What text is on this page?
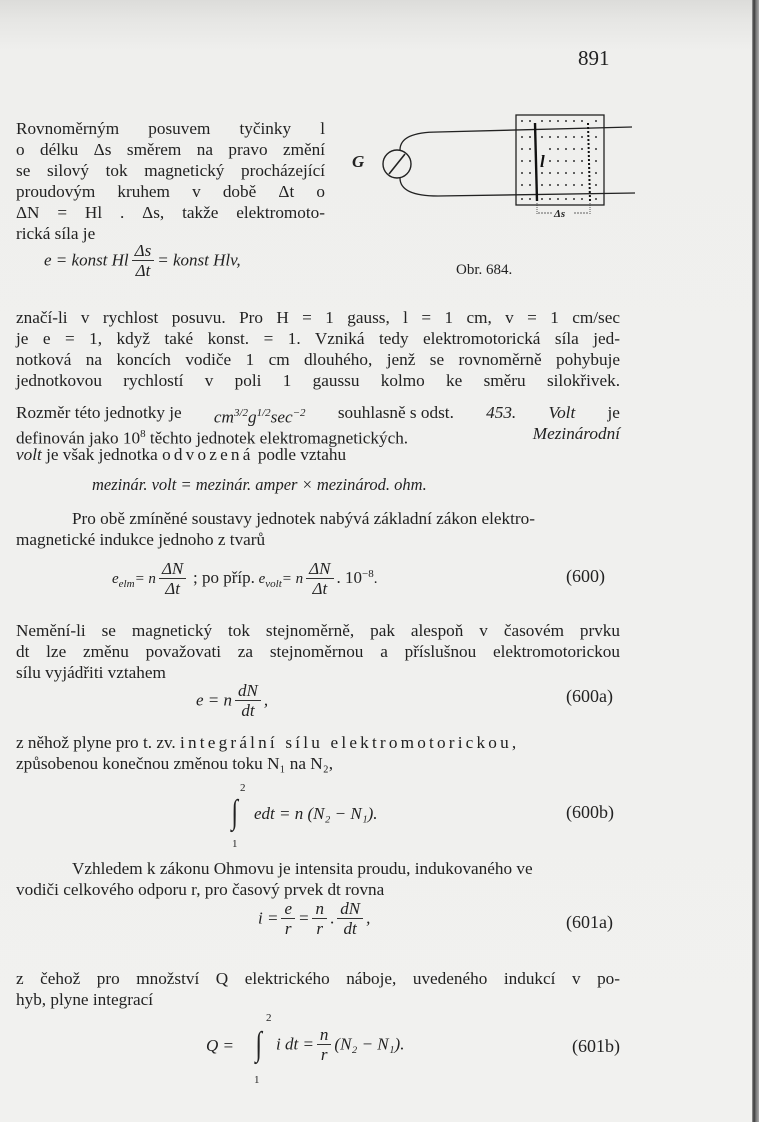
891
l
Δs
G
Obr. 684.
Rovnoměrným posuvem tyčinky l
o délku Δs směrem na pravo změní
se silový tok magnetický procházející
proudovým kruhem v době Δt o
ΔN = Hl . Δs, takže elektromoto-
rická síla je
e = konst Hl $\frac{\Delta s}{\Delta t}$ = konst Hlv,
značí-li v rychlost posuvu. Pro H = 1 gauss, l = 1 cm, v = 1 cm/sec
je e = 1, když také konst. = 1. Vzniká tedy elektromotorická síla jed-
notková na koncích vodiče 1 cm dlouhého, jenž se rovnoměrně pohybuje
jednotkovou rychlostí v poli 1 gaussu kolmo ke směru silokřivek.
Rozměr této jednotky je $cm^{3/2}g^{1/2}\sec^{-2}$ souhlasně s odst. 453. Volt je
definován jako $10^8$ těchto jednotek elektromagnetických.	Mezinárodní
volt je však jednotka odvozená podle vztahu
mezinár. volt = mezinár. amper × mezinárod. ohm.
Pro obě zmíněné soustavy jednotek nabývá základní zákon elektro-
magnetické indukce jednoho z tvarů
$e_{elm}= n \frac{\Delta N}{\Delta t}$ ; po příp. $e_{volt}= n \frac{\Delta N}{\Delta t}$ . $10^{-8}$.	(600)
Nemění-li se magnetický tok stejnoměrně, pak alespoň v časovém prvku
dt lze změnu považovati za stejnoměrnou a příslušnou elektromotorickou
sílu vyjádřiti vztahem
e = n $\frac{dN}{dt}$ ,	(600a)
z něhož plyne pro t. zv. integrální sílu elektromotorickou,
způsobenou konečnou změnou toku N₁ na N₂,
2
∫
1
edt = n (N₂ − N₁).	(600b)
Vzhledem k zákonu Ohmovu je intensita proudu, indukovaného ve
vodiči celkového odporu r, pro časový prvek dt rovna
$i = \frac{e}{r} = \frac{n}{r}$ . $\frac{dN}{dt}$ ,	(601a)
z čehož pro množství Q elektrického náboje, uvedeného indukcí v po-
hyb, plyne integrací
Q =
2
∫
1
i dt = $\frac{n}{r} (N_2 - N_1)$.	(601b)
